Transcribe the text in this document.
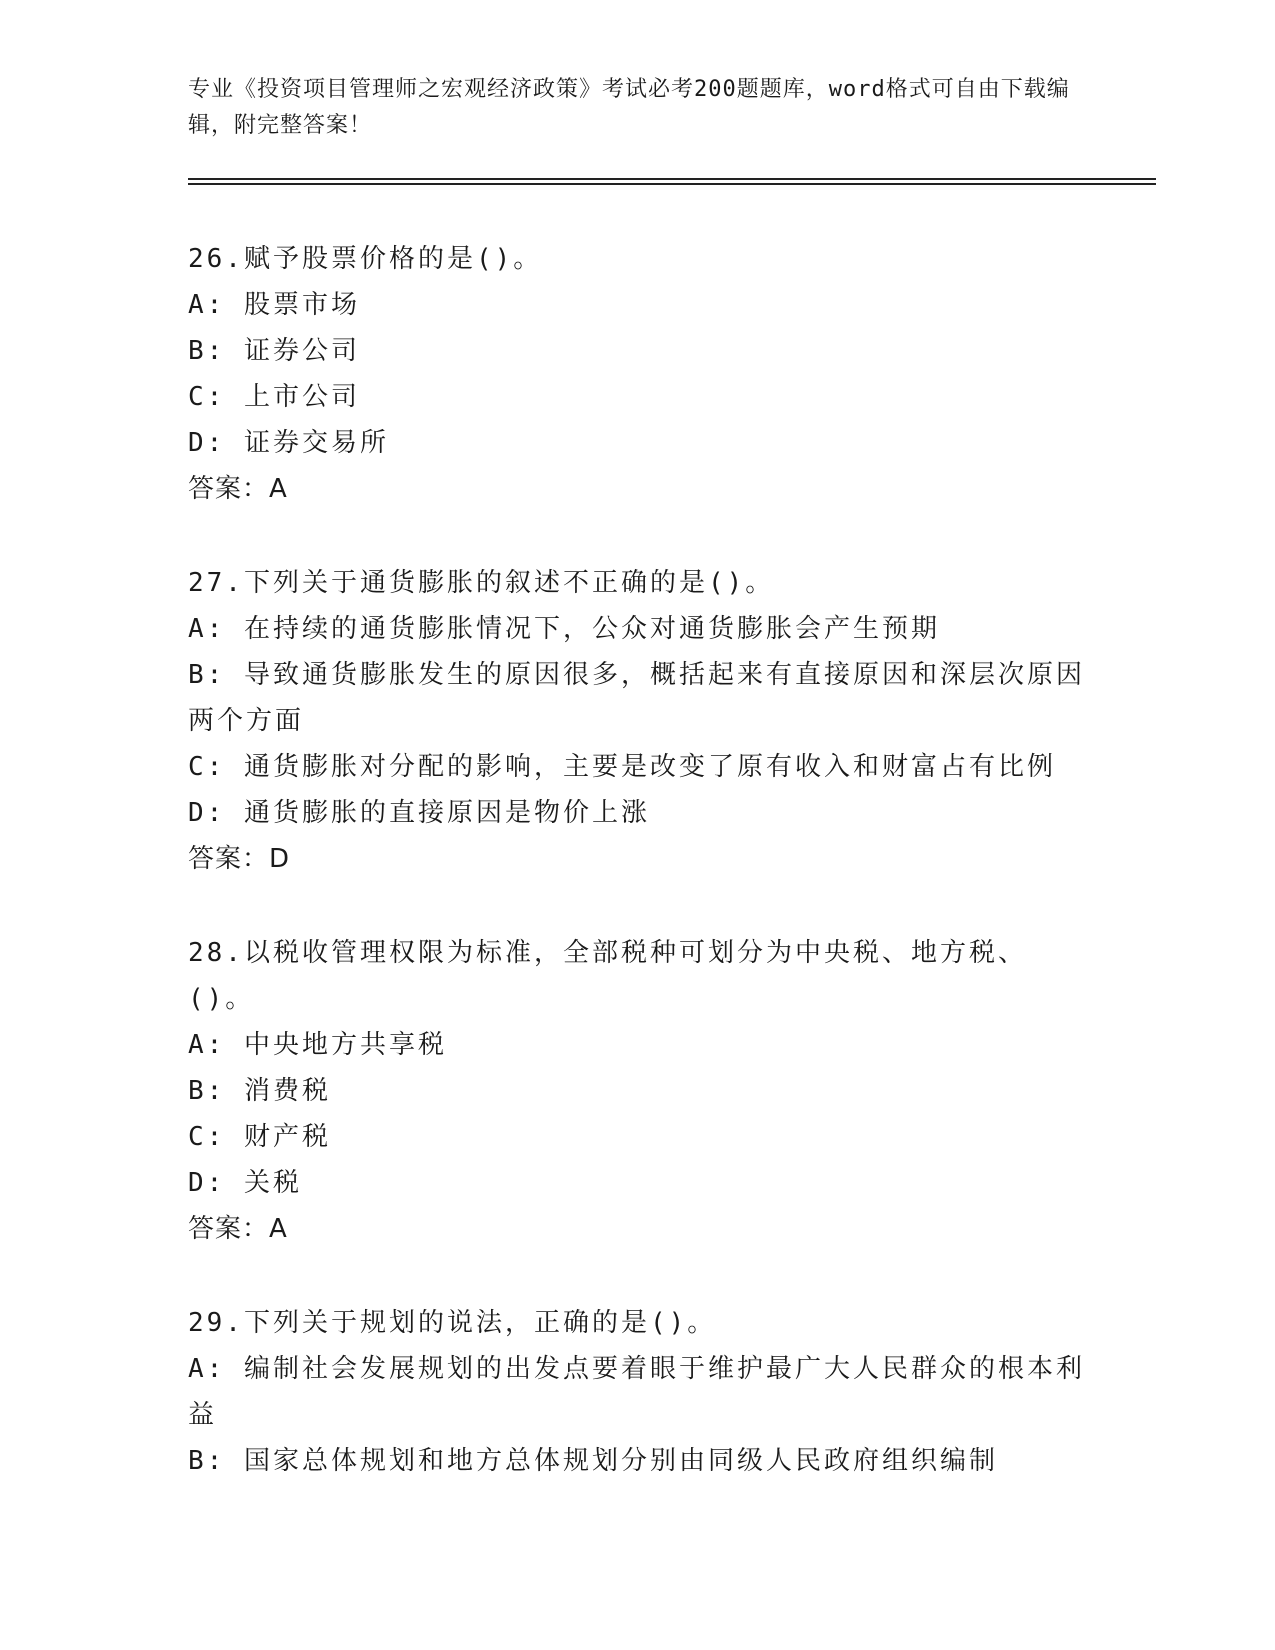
专业《投资项目管理师之宏观经济政策》考试必考200题题库，word格式可自由下载编辑，附完整答案！
26.赋予股票价格的是()。
A: 股票市场
B: 证券公司
C: 上市公司
D: 证券交易所
答案：A
27.下列关于通货膨胀的叙述不正确的是()。
A: 在持续的通货膨胀情况下，公众对通货膨胀会产生预期
B: 导致通货膨胀发生的原因很多，概括起来有直接原因和深层次原因两个方面
C: 通货膨胀对分配的影响，主要是改变了原有收入和财富占有比例
D: 通货膨胀的直接原因是物价上涨
答案：D
28.以税收管理权限为标准，全部税种可划分为中央税、地方税、()。
A: 中央地方共享税
B: 消费税
C: 财产税
D: 关税
答案：A
29.下列关于规划的说法，正确的是()。
A: 编制社会发展规划的出发点要着眼于维护最广大人民群众的根本利益
B: 国家总体规划和地方总体规划分别由同级人民政府组织编制
